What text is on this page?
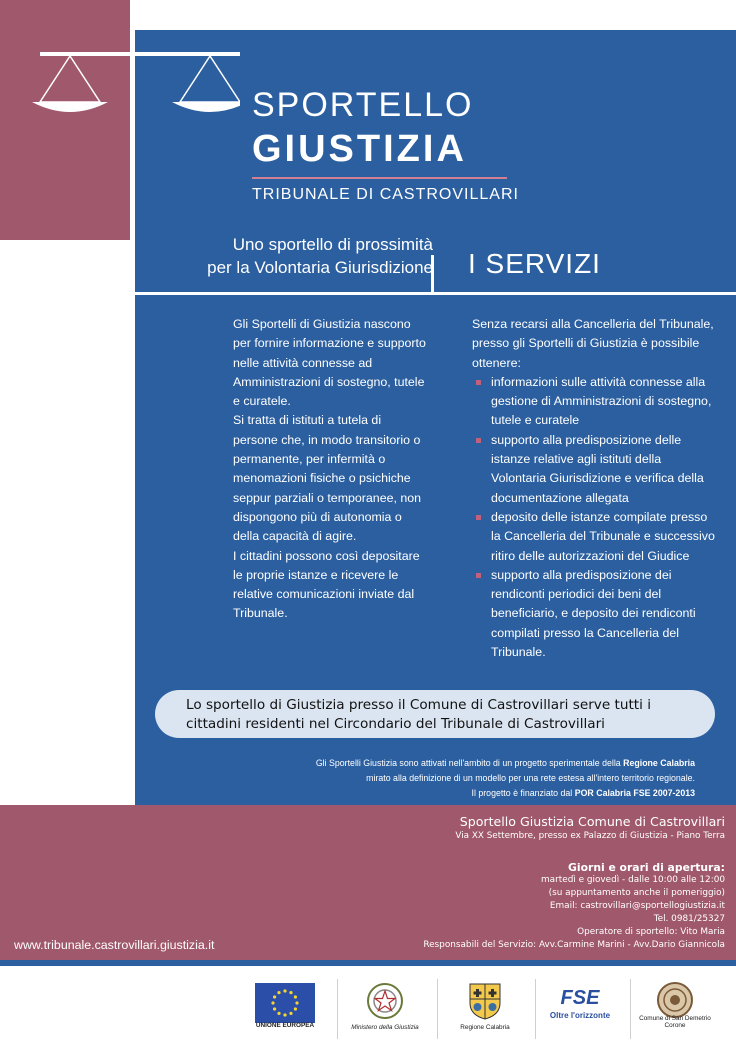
SPORTELLO
GIUSTIZIA
TRIBUNALE DI CASTROVILLARI
Uno sportello di prossimità
per la Volontaria Giurisdizione I SERVIZI
Gli Sportelli di Giustizia nascono per fornire informazione e supporto nelle attività connesse ad Amministrazioni di sostegno, tutele e curatele.
Si tratta di istituti a tutela di persone che, in modo transitorio o permanente, per infermità o menomazioni fisiche o psichiche seppur parziali o temporanee, non dispongono più di autonomia o della capacità di agire.
I cittadini possono così depositare le proprie istanze e ricevere le relative comunicazioni inviate dal Tribunale.
Senza recarsi alla Cancelleria del Tribunale, presso gli Sportelli di Giustizia è possibile ottenere:
informazioni sulle attività connesse alla gestione di Amministrazioni di sostegno, tutele e curatele
supporto alla predisposizione delle istanze relative agli istituti della Volontaria Giurisdizione e verifica della documentazione allegata
deposito delle istanze compilate presso la Cancelleria del Tribunale e successivo ritiro delle autorizzazioni del Giudice
supporto alla predisposizione dei rendiconti periodici dei beni del beneficiario, e deposito dei rendiconti compilati presso la Cancelleria del Tribunale.
Lo sportello di Giustizia presso il Comune di Castrovillari serve tutti i cittadini residenti nel Circondario del Tribunale di Castrovillari
Gli Sportelli Giustizia sono attivati nell'ambito di un progetto sperimentale della Regione Calabria
mirato alla definizione di un modello per una rete estesa all'intero territorio regionale.
Il progetto è finanziato dal POR Calabria FSE 2007-2013
Sportello Giustizia Comune di Castrovillari
Via XX Settembre, presso ex Palazzo di Giustizia - Piano Terra
Giorni e orari di apertura:
martedì e giovedì - dalle 10:00 alle 12:00
(su appuntamento anche il pomeriggio)
Email: castrovillari@sportellogiustizia.it
Tel. 0981/25327
Operatore di sportello: Vito Maria
Responsabili del Servizio: Avv.Carmine Marini - Avv.Dario Giannicola
www.tribunale.castrovillari.giustizia.it
UNIONE EUROPEA	Ministero della Giustizia	Regione Calabria
FSE
Oltre l'orizzonte	Comune di San Demetrio Corone
